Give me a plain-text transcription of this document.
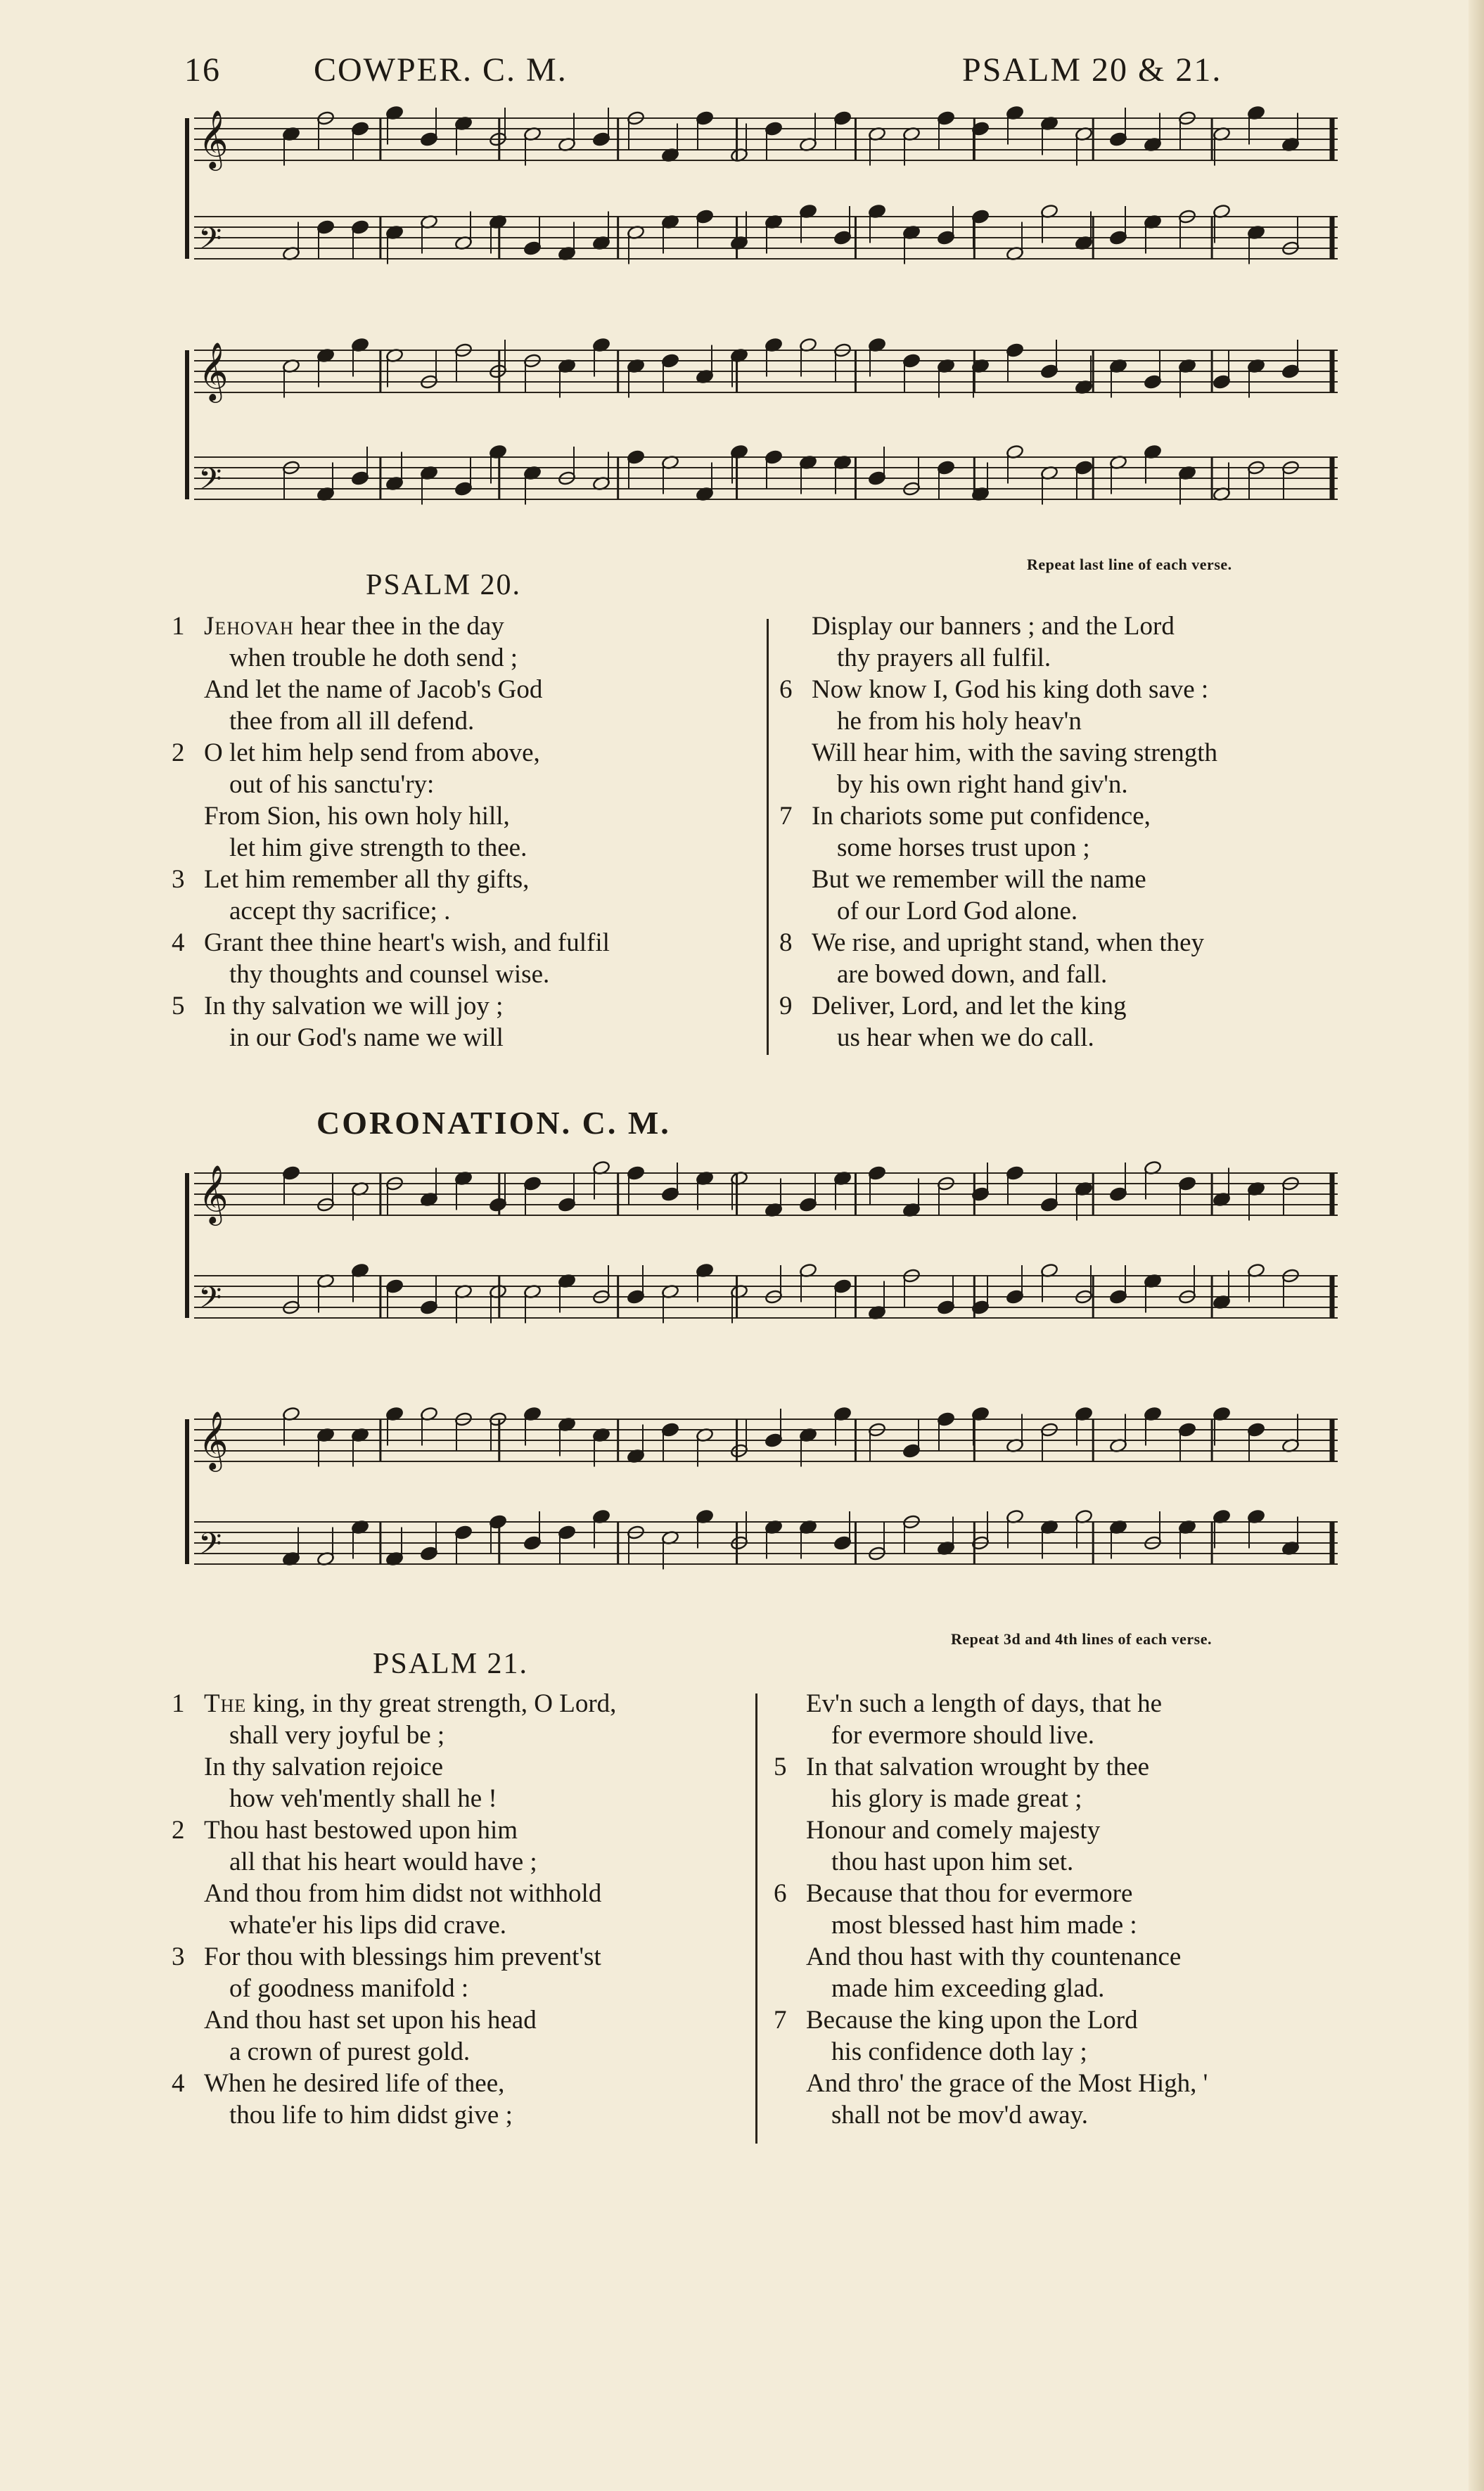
16	COWPER. C. M.	PSALM 20 & 21.
𝄞
𝄢
𝄞
𝄢
Repeat last line of each verse.
PSALM 20.
1 Jehovah hear thee in the day
when trouble he doth send ;
And let the name of Jacob's God
thee from all ill defend.
2 O let him help send from above,
out of his sanctu'ry:
From Sion, his own holy hill,
let him give strength to thee.
3 Let him remember all thy gifts,
accept thy sacrifice; .
4 Grant thee thine heart's wish, and fulfil
thy thoughts and counsel wise.
5 In thy salvation we will joy ;
in our God's name we will
Display our banners ; and the Lord
thy prayers all fulfil.
6 Now know I, God his king doth save :
he from his holy heav'n
Will hear him, with the saving strength
by his own right hand giv'n.
7 In chariots some put confidence,
some horses trust upon ;
But we remember will the name
of our Lord God alone.
8 We rise, and upright stand, when they
are bowed down, and fall.
9 Deliver, Lord, and let the king
us hear when we do call.
CORONATION. C. M.
𝄞
𝄢
𝄞
𝄢
Repeat 3d and 4th lines of each verse.
PSALM 21.
1 The king, in thy great strength, O Lord,
shall very joyful be ;
In thy salvation rejoice
how veh'mently shall he !
2 Thou hast bestowed upon him
all that his heart would have ;
And thou from him didst not withhold
whate'er his lips did crave.
3 For thou with blessings him prevent'st
of goodness manifold :
And thou hast set upon his head
a crown of purest gold.
4 When he desired life of thee,
thou life to him didst give ;
Ev'n such a length of days, that he
for evermore should live.
5 In that salvation wrought by thee
his glory is made great ;
Honour and comely majesty
thou hast upon him set.
6 Because that thou for evermore
most blessed hast him made :
And thou hast with thy countenance
made him exceeding glad.
7 Because the king upon the Lord
his confidence doth lay ;
And thro' the grace of the Most High, '
shall not be mov'd away.
